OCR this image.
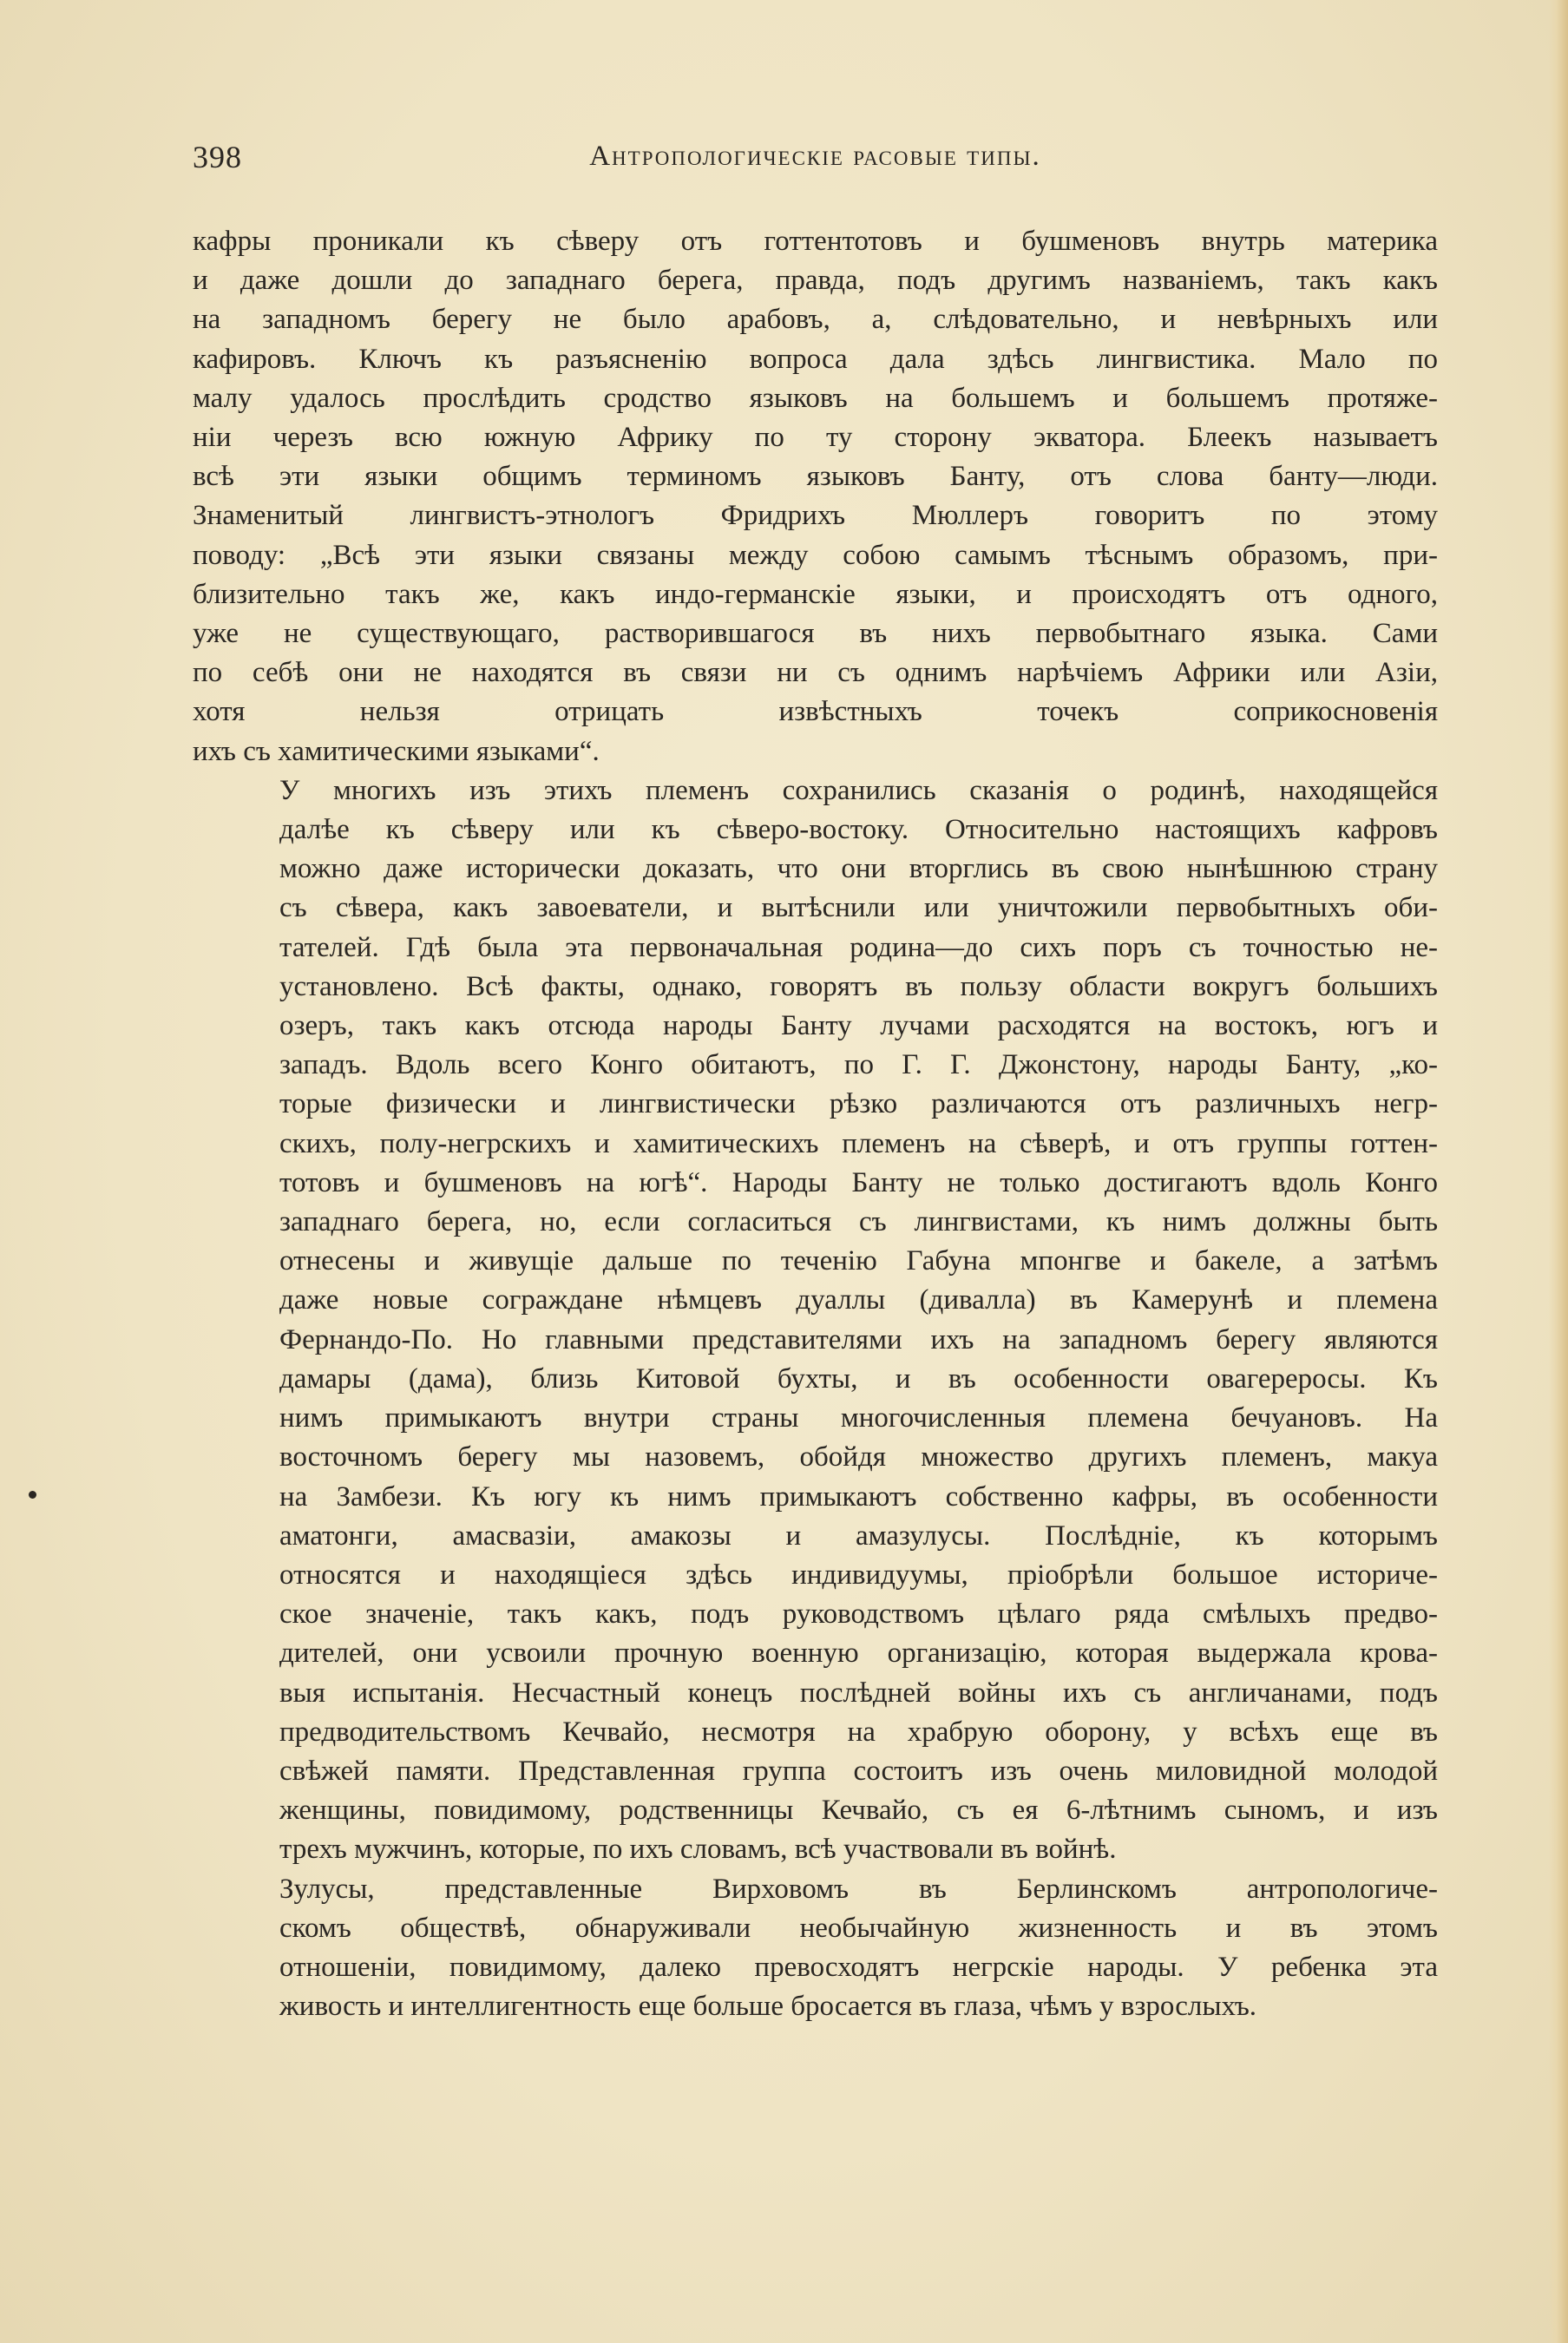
398	Антропологическіе расовые типы.
кафры проникали къ сѣверу отъ готтентотовъ и бушменовъ внутрь материка
и даже дошли до западнаго берега, правда, подъ другимъ названіемъ, такъ какъ
на западномъ берегу не было арабовъ, а, слѣдовательно, и невѣрныхъ или
кафировъ. Ключъ къ разъясненію вопроса дала здѣсь лингвистика. Мало по
малу удалось прослѣдить сродство языковъ на большемъ и большемъ протяже-
ніи черезъ всю южную Африку по ту сторону экватора. Блеекъ называетъ
всѣ эти языки общимъ терминомъ языковъ Банту, отъ слова банту—люди.
Знаменитый лингвистъ-этнологъ Фридрихъ Мюллеръ говоритъ по этому
поводу: „Всѣ эти языки связаны между собою самымъ тѣснымъ образомъ, при-
близительно такъ же, какъ индо-германскіе языки, и происходятъ отъ одного,
уже не существующаго, растворившагося въ нихъ первобытнаго языка. Сами
по себѣ они не находятся въ связи ни съ однимъ нарѣчіемъ Африки или Азіи,
хотя нельзя отрицать извѣстныхъ точекъ соприкосновенія
ихъ съ хамитическими языками“.
У многихъ изъ этихъ племенъ сохранились сказанія о родинѣ, находящейся
далѣе къ сѣверу или къ сѣверо-востоку. Относительно настоящихъ кафровъ
можно даже исторически доказать, что они вторглись въ свою нынѣшнюю страну
съ сѣвера, какъ завоеватели, и вытѣснили или уничтожили первобытныхъ оби-
тателей. Гдѣ была эта первоначальная родина—до сихъ поръ съ точностью не-
установлено. Всѣ факты, однако, говорятъ въ пользу области вокругъ большихъ
озеръ, такъ какъ отсюда народы Банту лучами расходятся на востокъ, югъ и
западъ. Вдоль всего Конго обитаютъ, по Г. Г. Джонстону, народы Банту, „ко-
торые физически и лингвистически рѣзко различаются отъ различныхъ негр-
скихъ, полу-негрскихъ и хамитическихъ племенъ на сѣверѣ, и отъ группы готтен-
тотовъ и бушменовъ на югѣ“. Народы Банту не только достигаютъ вдоль Конго
западнаго берега, но, если согласиться съ лингвистами, къ нимъ должны быть
отнесены и живущіе дальше по теченію Габуна мпонгве и бакеле, а затѣмъ
даже новые сограждане нѣмцевъ дуаллы (диваллa) въ Камерунѣ и племена
Фернандо-По. Но главными представителями ихъ на западномъ берегу являются
дамары (дама), близь Китовой бухты, и въ особенности овагереросы. Къ
нимъ примыкаютъ внутри страны многочисленныя племена бечуановъ. На
восточномъ берегу мы назовемъ, обойдя множество другихъ племенъ, макуа
на Замбези. Къ югу къ нимъ примыкаютъ собственно кафры, въ особенности
аматонги, амасвазіи, амакозы и амазулусы. Послѣдніе, къ которымъ
относятся и находящіеся здѣсь индивидуумы, пріобрѣли большое историче-
ское значеніе, такъ какъ, подъ руководствомъ цѣлаго ряда смѣлыхъ предво-
дителей, они усвоили прочную военную организацію, которая выдержала крова-
выя испытанія. Несчастный конецъ послѣдней войны ихъ съ англичанами, подъ
предводительствомъ Кечвайо, несмотря на храбрую оборону, у всѣхъ еще въ
свѣжей памяти. Представленная группа состоитъ изъ очень миловидной молодой
женщины, повидимому, родственницы Кечвайо, съ ея 6-лѣтнимъ сыномъ, и изъ
трехъ мужчинъ, которые, по ихъ словамъ, всѣ участвовали въ войнѣ.
Зулусы, представленные Вирховомъ въ Берлинскомъ антропологиче-
скомъ обществѣ, обнаруживали необычайную жизненность и въ этомъ
отношеніи, повидимому, далеко превосходятъ негрскіе народы. У ребенка эта
живость и интеллигентность еще больше бросается въ глаза, чѣмъ у взрослыхъ.
